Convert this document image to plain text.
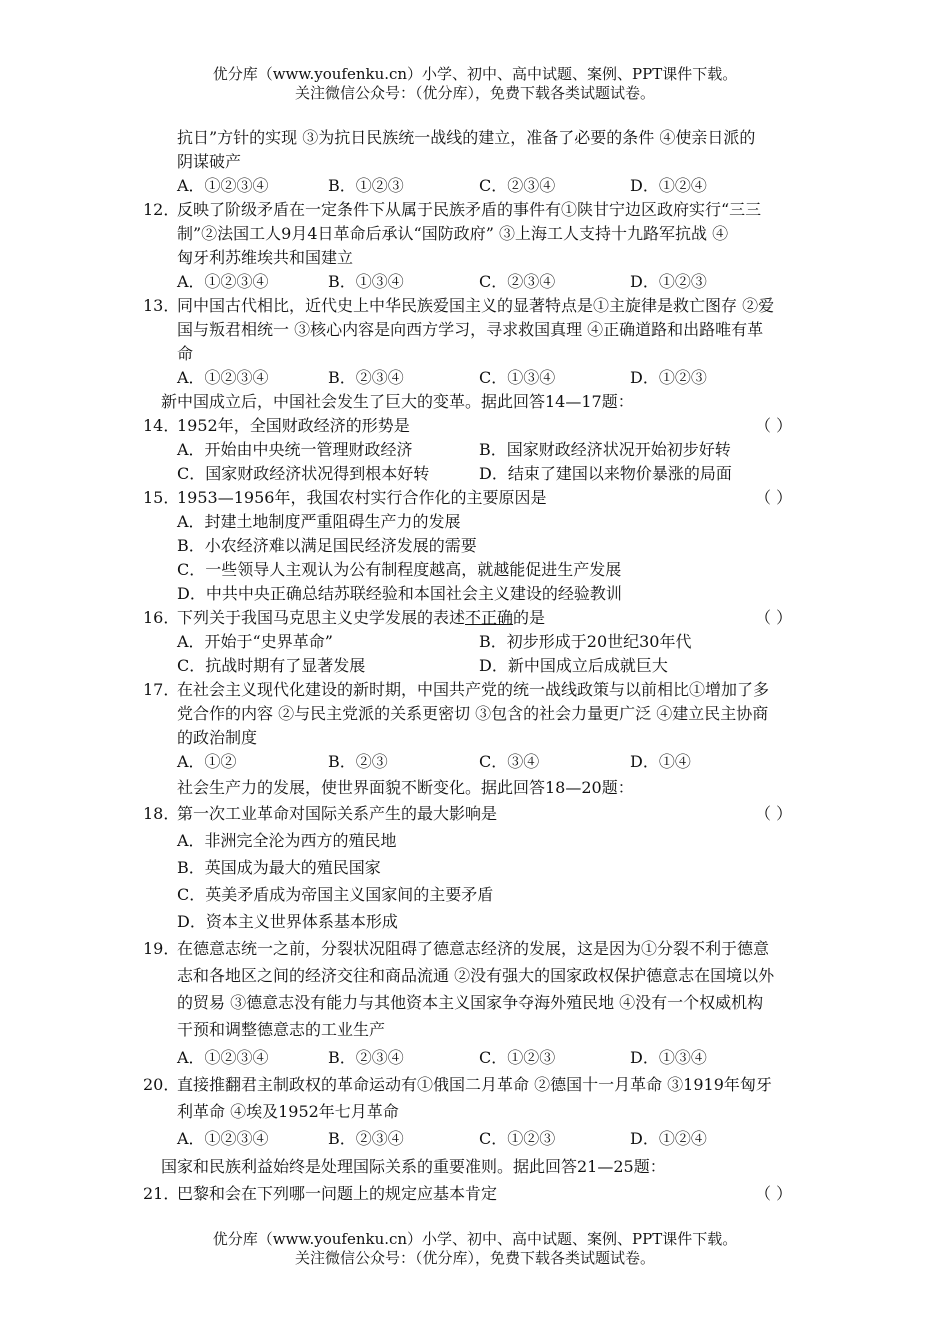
优分库（www.youfenku.cn）小学、初中、高中试题、案例、PPT课件下载。
关注微信公众号：（优分库），免费下载各类试题试卷。
抗日”方针的实现 ③为抗日民族统一战线的建立，准备了必要的条件 ④使亲日派的
阴谋破产
A．①②③④	B．①②③	C．②③④	D．①②④
12．
反映了阶级矛盾在一定条件下从属于民族矛盾的事件有①陕甘宁边区政府实行“三三
制”②法国工人9月4日革命后承认“国防政府” ③上海工人支持十九路军抗战 ④
匈牙利苏维埃共和国建立
A．①②③④	B．①③④	C．②③④	D．①②③
13．
同中国古代相比，近代史上中华民族爱国主义的显著特点是①主旋律是救亡图存 ②爱
国与叛君相统一 ③核心内容是向西方学习，寻求救国真理 ④正确道路和出路唯有革
命
A．①②③④	B．②③④	C．①③④	D．①②③
新中国成立后，中国社会发生了巨大的变革。据此回答14—17题：
14．
1952年，全国财政经济的形势是	（ ）
A．开始由中央统一管理财政经济	B．国家财政经济状况开始初步好转
C．国家财政经济状况得到根本好转	D．结束了建国以来物价暴涨的局面
15．
1953—1956年，我国农村实行合作化的主要原因是	（ ）
A．封建土地制度严重阻碍生产力的发展
B．小农经济难以满足国民经济发展的需要
C．一些领导人主观认为公有制程度越高，就越能促进生产发展
D．中共中央正确总结苏联经验和本国社会主义建设的经验教训
16．
下列关于我国马克思主义史学发展的表述不正确的是	（ ）
A．开始于“史界革命”	B．初步形成于20世纪30年代
C．抗战时期有了显著发展	D．新中国成立后成就巨大
17．
在社会主义现代化建设的新时期，中国共产党的统一战线政策与以前相比①增加了多
党合作的内容 ②与民主党派的关系更密切 ③包含的社会力量更广泛 ④建立民主协商
的政治制度
A．①②	B．②③	C．③④	D．①④
社会生产力的发展，使世界面貌不断变化。据此回答18—20题：
18．
第一次工业革命对国际关系产生的最大影响是	（ ）
A．非洲完全沦为西方的殖民地
B．英国成为最大的殖民国家
C．英美矛盾成为帝国主义国家间的主要矛盾
D．资本主义世界体系基本形成
19．
在德意志统一之前，分裂状况阻碍了德意志经济的发展，这是因为①分裂不利于德意
志和各地区之间的经济交往和商品流通 ②没有强大的国家政权保护德意志在国境以外
的贸易 ③德意志没有能力与其他资本主义国家争夺海外殖民地 ④没有一个权威机构
干预和调整德意志的工业生产
A．①②③④	B．②③④	C．①②③	D．①③④
20．
直接推翻君主制政权的革命运动有①俄国二月革命 ②德国十一月革命 ③1919年匈牙
利革命 ④埃及1952年七月革命
A．①②③④	B．②③④	C．①②③	D．①②④
国家和民族利益始终是处理国际关系的重要准则。据此回答21—25题：
21．
巴黎和会在下列哪一问题上的规定应基本肯定	（ ）
优分库（www.youfenku.cn）小学、初中、高中试题、案例、PPT课件下载。
关注微信公众号：（优分库），免费下载各类试题试卷。
